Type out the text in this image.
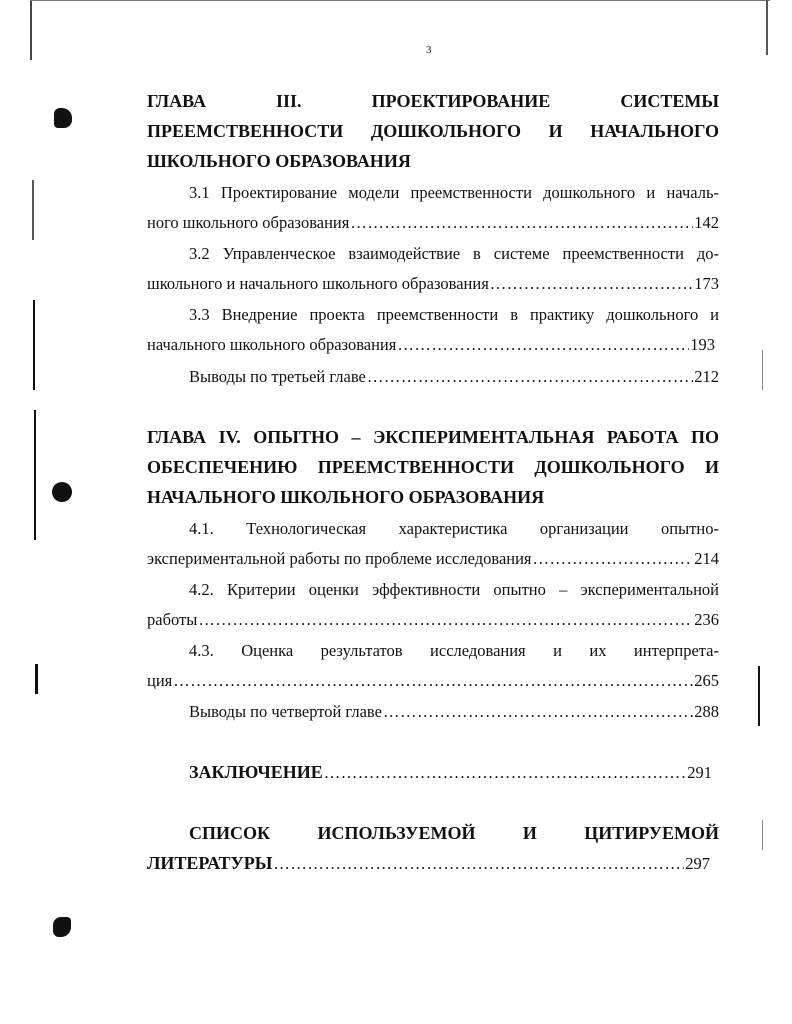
3
ГЛАВА III. ПРОЕКТИРОВАНИЕ СИСТЕМЫ
ПРЕЕМСТВЕННОСТИ ДОШКОЛЬНОГО И НАЧАЛЬНОГО
ШКОЛЬНОГО ОБРАЗОВАНИЯ
3.1 Проектирование модели преемственности дошкольного и началь-
ного школьного образования ……………………………………………………………………………………………………………………………………………………………	142
3.2 Управленческое взаимодействие в системе преемственности до-
школьного и начального школьного образования ……………………………………………………………………………………………………………………………………………………………	173
3.3 Внедрение проекта преемственности в практику дошкольного и
начального школьного образования ……………………………………………………………………………………………………………………………………………………………	193
Выводы по третьей главе ……………………………………………………………………………………………………………………………………………………………	212
ГЛАВА IV. ОПЫТНО – ЭКСПЕРИМЕНТАЛЬНАЯ РАБОТА ПО
ОБЕСПЕЧЕНИЮ ПРЕЕМСТВЕННОСТИ ДОШКОЛЬНОГО И
НАЧАЛЬНОГО ШКОЛЬНОГО ОБРАЗОВАНИЯ
4.1. Технологическая характеристика организации опытно-
экспериментальной работы по проблеме исследования ……………………………………………………………………………………………………………………………………………………………	214
4.2. Критерии оценки эффективности опытно – экспериментальной
работы ……………………………………………………………………………………………………………………………………………………………	236
4.3. Оценка результатов исследования и их интерпрета-
ция ……………………………………………………………………………………………………………………………………………………………	265
Выводы по четвертой главе ……………………………………………………………………………………………………………………………………………………………	288
ЗАКЛЮЧЕНИЕ ……………………………………………………………………………………………………………………………………………………………	291
СПИСОК ИСПОЛЬЗУЕМОЙ И ЦИТИРУЕМОЙ
ЛИТЕРАТУРЫ ……………………………………………………………………………………………………………………………………………………………	297
